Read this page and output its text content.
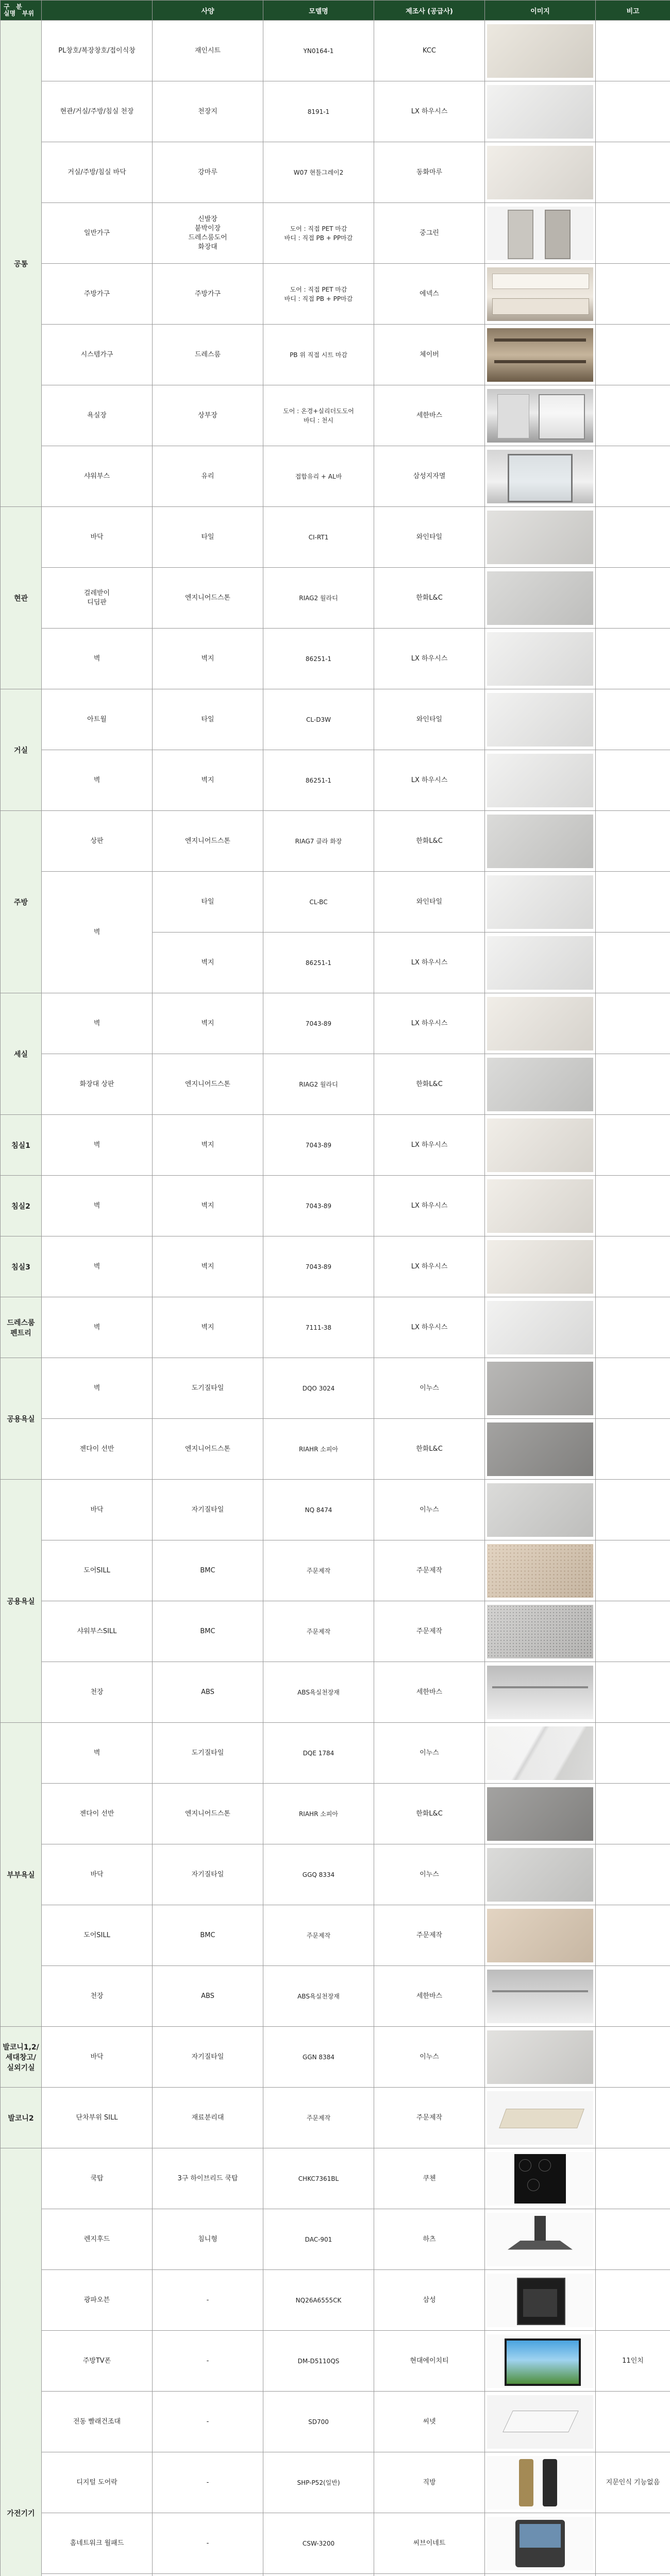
구 분
실명 부위		사양	모델명	제조사 (공급사)	이미지	비고
공통	PL창호/복장창호/접이식창	재인시트	YN0164-1	KCC	

	현관/거실/주방/침실 천장	천장지	8191-1	LX 하우시스	

	거실/주방/침실 바닥	강마루	W07 현틀그레이2	동화마루	

	일반가구	신발장
붙박이장
드레스룸도어
화장대	도어 : 직접 PET 마감
바디 : 직접 PB + PP마감	중그린	

	주방가구	주방가구	도어 : 직접 PET 마감
바디 : 직접 PB + PP마감	에넥스	

	시스템가구	드레스룸	PB 위 직접 시트 마감	체이버	

	욕실장	상부장	도어 : 온경+실리더도도어
바디 : 천시	세한바스	

	샤워부스	유리	접합유리 + AL바	삼성지자멸	

현관	바닥	타일	CI-RT1	와인타일	

	걸레받이
디딤판	엔지니어드스톤	RIAG2 월라디	한화L&C	

	벽	벽지	86251-1	LX 하우시스	

거실	아트월	타일	CL-D3W	와인타일	

	벽	벽지	86251-1	LX 하우시스	

주방	상판	엔지니어드스톤	RIAG7 클라 화장	한화L&C	

	벽	타일	CL-BC	와인타일	

		벽지	86251-1	LX 하우시스	

세실	벽	벽지	7043-89	LX 하우시스	

	화장대 상판	엔지니어드스톤	RIAG2 월라디	한화L&C	

침실1	벽	벽지	7043-89	LX 하우시스	

침실2	벽	벽지	7043-89	LX 하우시스	

침실3	벽	벽지	7043-89	LX 하우시스	

드레스룸
펜트리	벽	벽지	7111-38	LX 하우시스	

공용욕실	벽	도기질타일	DQO 3024	이누스	

	젠다이 선반	엔지니어드스톤	RIAHR 소피아	한화L&C	

공용욕실	바닥	자기질타일	NQ 8474	이누스	

	도어SILL	BMC	주문제작	주문제작	

	샤워부스SILL	BMC	주문제작	주문제작	

	천장	ABS	ABS욕실천장재	세한바스	

부부욕실	벽	도기질타일	DQE 1784	이누스	

	젠다이 선반	엔지니어드스톤	RIAHR 소피아	한화L&C	

	바닥	자기질타일	GGQ 8334	이누스	

	도어SILL	BMC	주문제작	주문제작	

	천장	ABS	ABS욕실천장재	세한바스	

발코니1,2/
세대창고/
실외기실	바닥	자기질타일	GGN 8384	이누스	

발코니2	단차부위 SILL	재료분리대	주문제작	주문제작	

가전기기	쿡탑	3구 하이브리드 쿡탑	CHKC7361BL	쿠첸	

	렌지후드	침니형	DAC-901	하츠	

	광파오븐	-	NQ26A6555CK	삼성	

	주방TV폰	-	DM-D5110QS	현대에이치티		11인치
	전동 빨래건조대	-	SD700	씨넷	

	디지털 도어락	-	SHP-P52(일반)	직방		지문인식 기능없음
	홈네트워크 월패드	-	CSW-3200	씨브이네트	
